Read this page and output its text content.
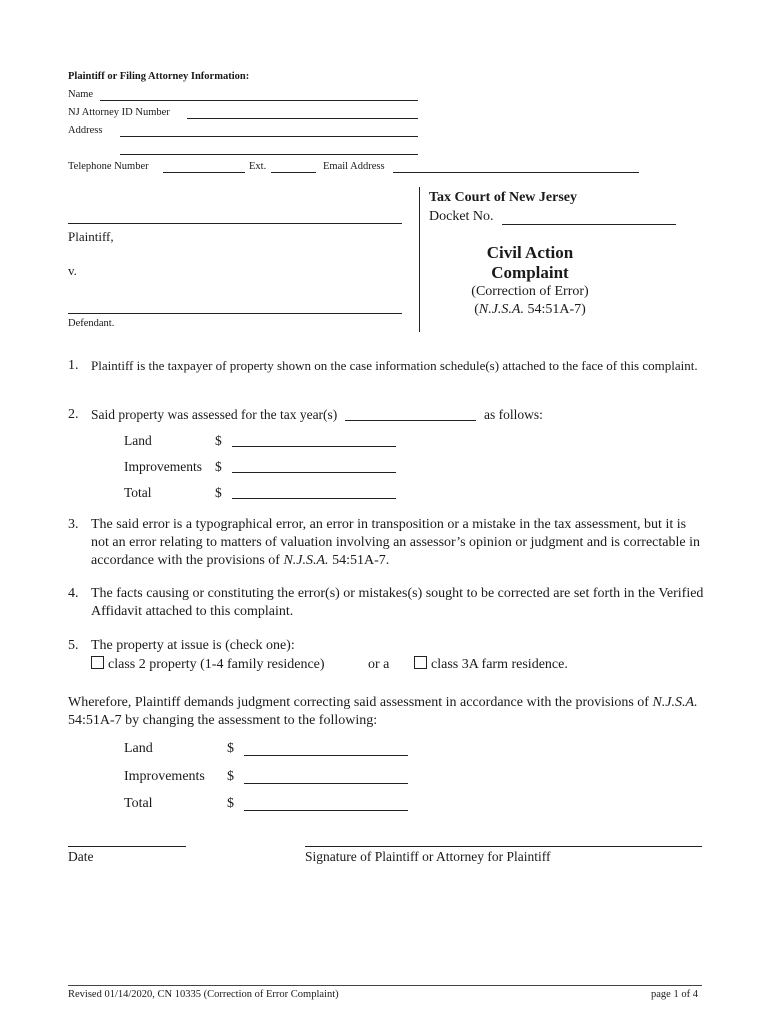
Plaintiff or Filing Attorney Information:
Name
NJ Attorney ID Number
Address
Telephone Number	Ext.	Email Address
Plaintiff,
v.
Defendant.
Tax Court of New Jersey
Docket No.
Civil Action
Complaint
(Correction of Error)
(N.J.S.A. 54:51A-7)
1. Plaintiff is the taxpayer of property shown on the case information schedule(s) attached to the face of this complaint.
2. Said property was assessed for the tax year(s)	as follows:
Land	$
Improvements $
Total	$
3. The said error is a typographical error, an error in transposition or a mistake in the tax assessment, but it is not an error relating to matters of valuation involving an assessor’s opinion or judgment and is correctable in accordance with the provisions of N.J.S.A. 54:51A-7.
4. The facts causing or constituting the error(s) or mistakes(s) sought to be corrected are set forth in the Verified Affidavit attached to this complaint.
5. The property at issue is (check one):
class 2 property (1-4 family residence)	or a	class 3A farm residence.
Wherefore, Plaintiff demands judgment correcting said assessment in accordance with the provisions of N.J.S.A. 54:51A-7 by changing the assessment to the following:
Land	$
Improvements $
Total	$
Date	Signature of Plaintiff or Attorney for Plaintiff
Revised 01/14/2020, CN 10335 (Correction of Error Complaint)	page 1 of 4
